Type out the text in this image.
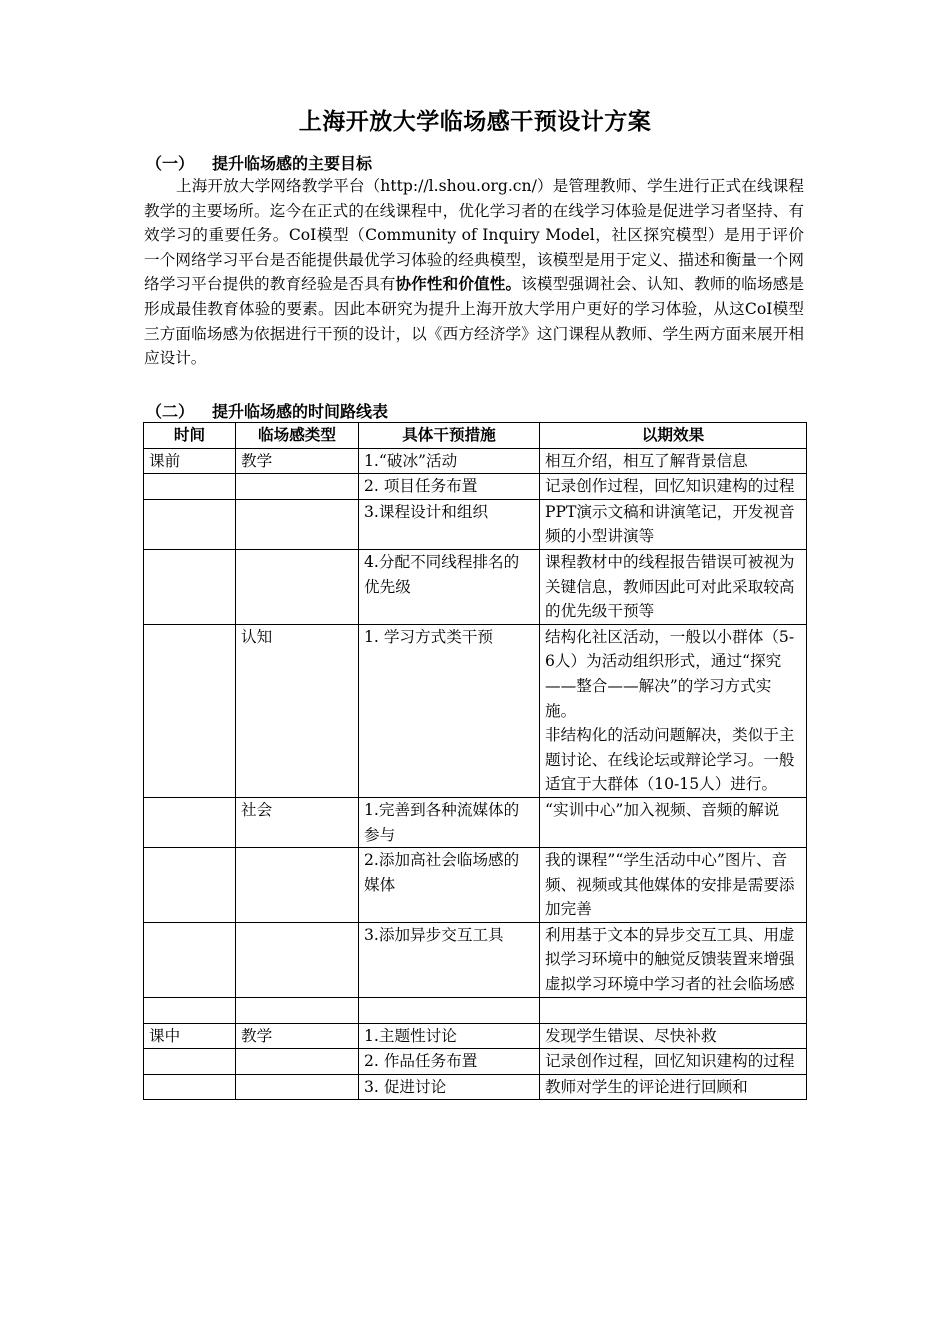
上海开放大学临场感干预设计方案
（一） 提升临场感的主要目标
上海开放大学网络教学平台（http://l.shou.org.cn/）是管理教师、学生进行正式在线课程教学的主要场所。迄今在正式的在线课程中，优化学习者的在线学习体验是促进学习者坚持、有效学习的重要任务。CoI模型（Community of Inquiry Model，社区探究模型）是用于评价一个网络学习平台是否能提供最优学习体验的经典模型，该模型是用于定义、描述和衡量一个网络学习平台提供的教育经验是否具有协作性和价值性。该模型强调社会、认知、教师的临场感是形成最佳教育体验的要素。因此本研究为提升上海开放大学用户更好的学习体验，从这CoI模型三方面临场感为依据进行干预的设计，以《西方经济学》这门课程从教师、学生两方面来展开相应设计。
（二） 提升临场感的时间路线表
时间	临场感类型	具体干预措施	以期效果
课前	教学	1.“破冰”活动	相互介绍，相互了解背景信息
		2. 项目任务布置	记录创作过程，回忆知识建构的过程
		3.课程设计和组织	PPT演示文稿和讲演笔记，开发视音频的小型讲演等
		4.分配不同线程排名的优先级	课程教材中的线程报告错误可被视为关键信息，教师因此可对此采取较高的优先级干预等
	认知	1. 学习方式类干预	结构化社区活动，一般以小群体（5-6人）为活动组织形式，通过“探究——整合——解决”的学习方式实施。
非结构化的活动问题解决，类似于主题讨论、在线论坛或辩论学习。一般适宜于大群体（10-15人）进行。
	社会	1.完善到各种流媒体的参与	“实训中心”加入视频、音频的解说
		2.添加高社会临场感的媒体	我的课程”“学生活动中心”图片、音频、视频或其他媒体的安排是需要添加完善
		3.添加异步交互工具	利用基于文本的异步交互工具、用虚拟学习环境中的触觉反馈装置来增强虚拟学习环境中学习者的社会临场感

课中	教学	1.主题性讨论	发现学生错误、尽快补救
		2. 作品任务布置	记录创作过程，回忆知识建构的过程
		3. 促进讨论	教师对学生的评论进行回顾和
